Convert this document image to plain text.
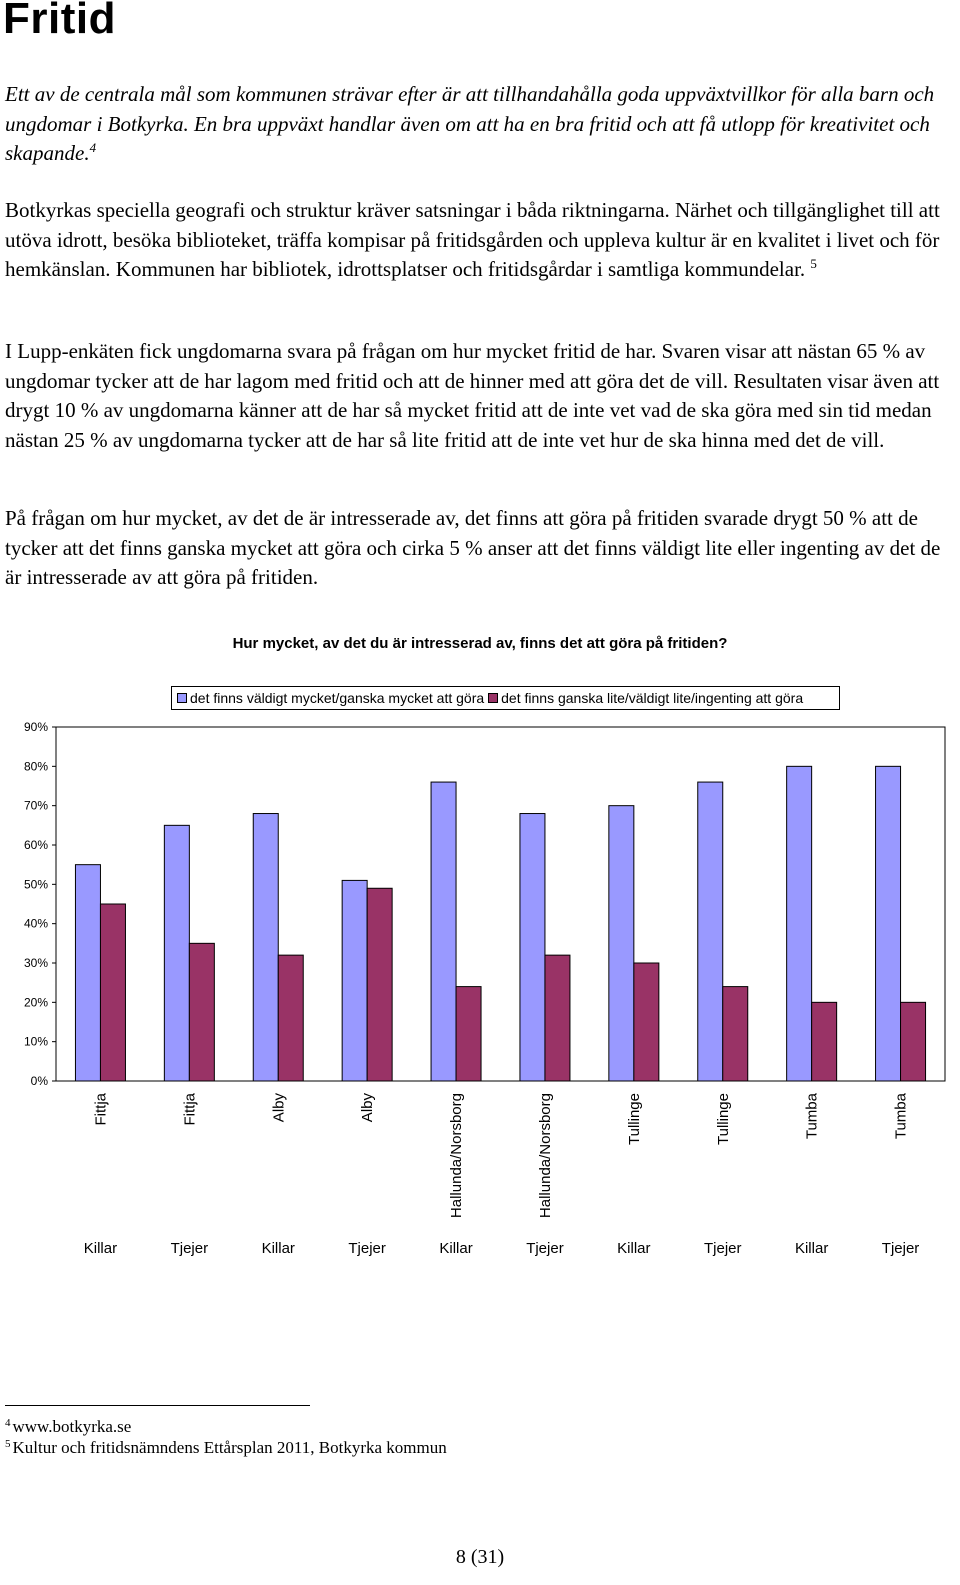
Fritid
Ett av de centrala mål som kommunen strävar efter är att tillhandahålla goda uppväxtvillkor för alla barn och ungdomar i Botkyrka. En bra uppväxt handlar även om att ha en bra fritid och att få utlopp för kreativitet och skapande.$^4$
Botkyrkas speciella geografi och struktur kräver satsningar i båda riktningarna. Närhet och tillgänglighet till att utöva idrott, besöka biblioteket, träffa kompisar på fritidsgården och uppleva kultur är en kvalitet i livet och för hemkänslan. Kommunen har bibliotek, idrottsplatser och fritidsgårdar i samtliga kommundelar. $^5$
I Lupp-enkäten fick ungdomarna svara på frågan om hur mycket fritid de har. Svaren visar att nästan 65 % av ungdomar tycker att de har lagom med fritid och att de hinner med att göra det de vill. Resultaten visar även att drygt 10 % av ungdomarna känner att de har så mycket fritid att de inte vet vad de ska göra med sin tid medan nästan 25 % av ungdomarna tycker att de har så lite fritid att de inte vet hur de ska hinna med det de vill.
På frågan om hur mycket, av det de är intresserade av, det finns att göra på fritiden svarade drygt 50 % att de tycker att det finns ganska mycket att göra och cirka 5 % anser att det finns väldigt lite eller ingenting av det de är intresserade av att göra på fritiden.
Hur mycket, av det du är intresserad av, finns det att göra på fritiden?
det finns väldigt mycket/ganska mycket att göra det finns ganska lite/väldigt lite/ingenting att göra
0%
10%
20%
30%
40%
50%
60%
70%
80%
90%
Fittja
Killar
Fittja
Tjejer
Alby
Killar
Alby
Tjejer
Hallunda/Norsborg
Killar
Hallunda/Norsborg
Tjejer
Tullinge
Killar
Tullinge
Tjejer
Tumba
Killar
Tumba
Tjejer
$^4$ www.botkyrka.se
$^5$ Kultur och fritidsnämndens Ettårsplan 2011, Botkyrka kommun
8 (31)
